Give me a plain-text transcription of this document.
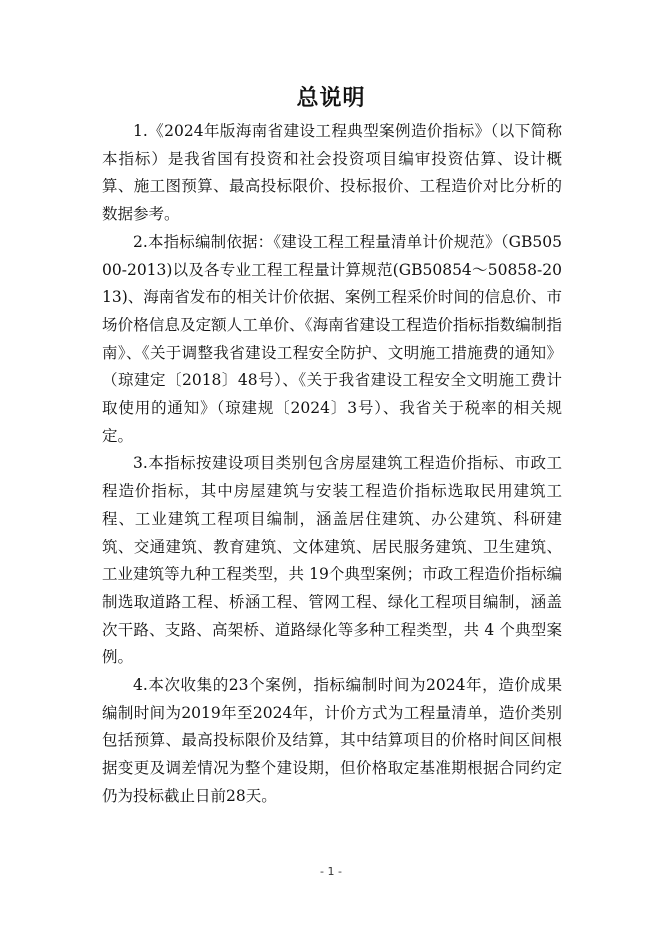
总说明

1.《2024年版海南省建设工程典型案例造价指标》（以下简称本指标）是我省国有投资和社会投资项目编审投资估算、设计概算、施工图预算、最高投标限价、投标报价、工程造价对比分析的数据参考。

2.本指标编制依据：《建设工程工程量清单计价规范》（GB50500-2013)以及各专业工程工程量计算规范(GB50854～50858-2013)、海南省发布的相关计价依据、案例工程采价时间的信息价、市场价格信息及定额人工单价、《海南省建设工程造价指标指数编制指南》、《关于调整我省建设工程安全防护、文明施工措施费的通知》（琼建定〔2018〕48号）、《关于我省建设工程安全文明施工费计取使用的通知》（琼建规〔2024〕3号）、我省关于税率的相关规定。

3.本指标按建设项目类别包含房屋建筑工程造价指标、市政工程造价指标，其中房屋建筑与安装工程造价指标选取民用建筑工程、工业建筑工程项目编制，涵盖居住建筑、办公建筑、科研建筑、交通建筑、教育建筑、文体建筑、居民服务建筑、卫生建筑、工业建筑等九种工程类型，共 19个典型案例；市政工程造价指标编制选取道路工程、桥涵工程、管网工程、绿化工程项目编制，涵盖次干路、支路、高架桥、道路绿化等多种工程类型，共 4 个典型案例。

4.本次收集的23个案例，指标编制时间为2024年，造价成果编制时间为2019年至2024年，计价方式为工程量清单，造价类别包括预算、最高投标限价及结算，其中结算项目的价格时间区间根据变更及调差情况为整个建设期，但价格取定基准期根据合同约定仍为投标截止日前28天。

- 1 -
